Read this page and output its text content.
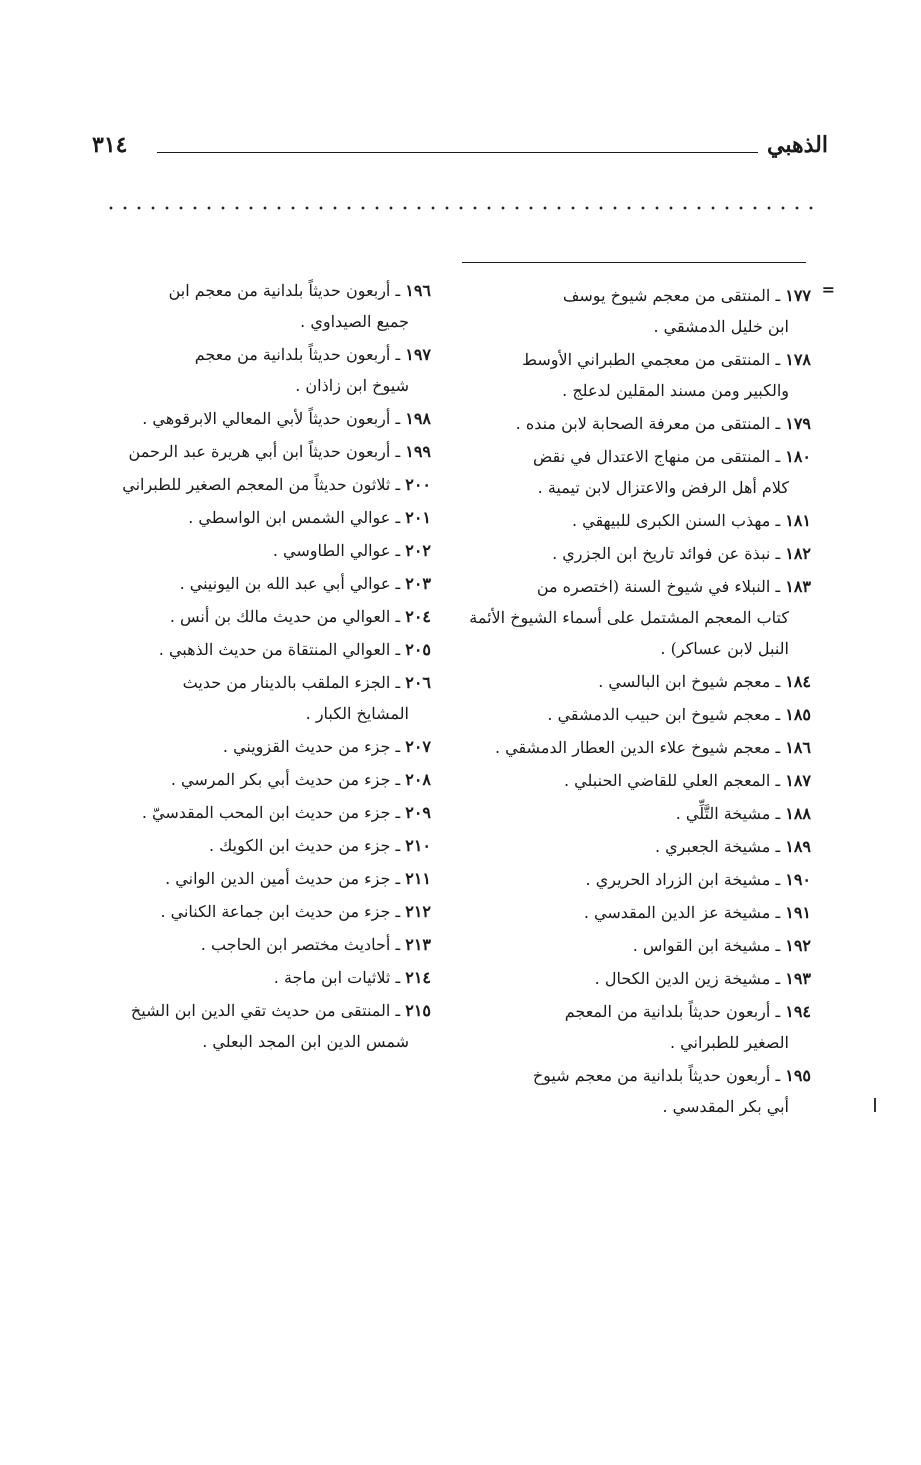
الذهبي
٣١٤
=
١٧٧ ـ المنتقى من معجم شيوخ يوسف
ابن خليل الدمشقي .
١٧٨ ـ المنتقى من معجمي الطبراني الأوسط
والكبير ومن مسند المقلين لدعلج .
١٧٩ ـ المنتقى من معرفة الصحابة لابن منده .
١٨٠ ـ المنتقى من منهاج الاعتدال في نقض
كلام أهل الرفض والاعتزال لابن تيمية .
١٨١ ـ مهذب السنن الكبرى للبيهقي .
١٨٢ ـ نبذة عن فوائد تاريخ ابن الجزري .
١٨٣ ـ النبلاء في شيوخ السنة (اختصره من
كتاب المعجم المشتمل على أسماء الشيوخ الأئمة النبل لابن عساكر) .
١٨٤ ـ معجم شيوخ ابن البالسي .
١٨٥ ـ معجم شيوخ ابن حبيب الدمشقي .
١٨٦ ـ معجم شيوخ علاء الدين العطار الدمشقي .
١٨٧ ـ المعجم العلي للقاضي الحنبلي .
١٨٨ ـ مشيخة التَّلِّي .
١٨٩ ـ مشيخة الجعبري .
١٩٠ ـ مشيخة ابن الزراد الحريري .
١٩١ ـ مشيخة عز الدين المقدسي .
١٩٢ ـ مشيخة ابن القواس .
١٩٣ ـ مشيخة زين الدين الكحال .
١٩٤ ـ أربعون حديثاً بلدانية من المعجم
الصغير للطبراني .
١٩٥ ـ أربعون حديثاً بلدانية من معجم شيوخ
أبي بكر المقدسي .
١٩٦ ـ أربعون حديثاً بلدانية من معجم ابن
جميع الصيداوي .
١٩٧ ـ أربعون حديثاً بلدانية من معجم
شيوخ ابن زاذان .
١٩٨ ـ أربعون حديثاً لأبي المعالي الابرقوهي .
١٩٩ ـ أربعون حديثاً ابن أبي هريرة عبد الرحمن
٢٠٠ ـ ثلاثون حديثاً من المعجم الصغير للطبراني
٢٠١ ـ عوالي الشمس ابن الواسطي .
٢٠٢ ـ عوالي الطاوسي .
٢٠٣ ـ عوالي أبي عبد الله بن اليونيني .
٢٠٤ ـ العوالي من حديث مالك بن أنس .
٢٠٥ ـ العوالي المنتقاة من حديث الذهبي .
٢٠٦ ـ الجزء الملقب بالدينار من حديث
المشايخ الكبار .
٢٠٧ ـ جزء من حديث القزويني .
٢٠٨ ـ جزء من حديث أبي بكر المرسي .
٢٠٩ ـ جزء من حديث ابن المحب المقدسيّ .
٢١٠ ـ جزء من حديث ابن الكويك .
٢١١ ـ جزء من حديث أمين الدين الواني .
٢١٢ ـ جزء من حديث ابن جماعة الكناني .
٢١٣ ـ أحاديث مختصر ابن الحاجب .
٢١٤ ـ ثلاثيات ابن ماجة .
٢١٥ ـ المنتقى من حديث تقي الدين ابن الشيخ
شمس الدين ابن المجد البعلي .
